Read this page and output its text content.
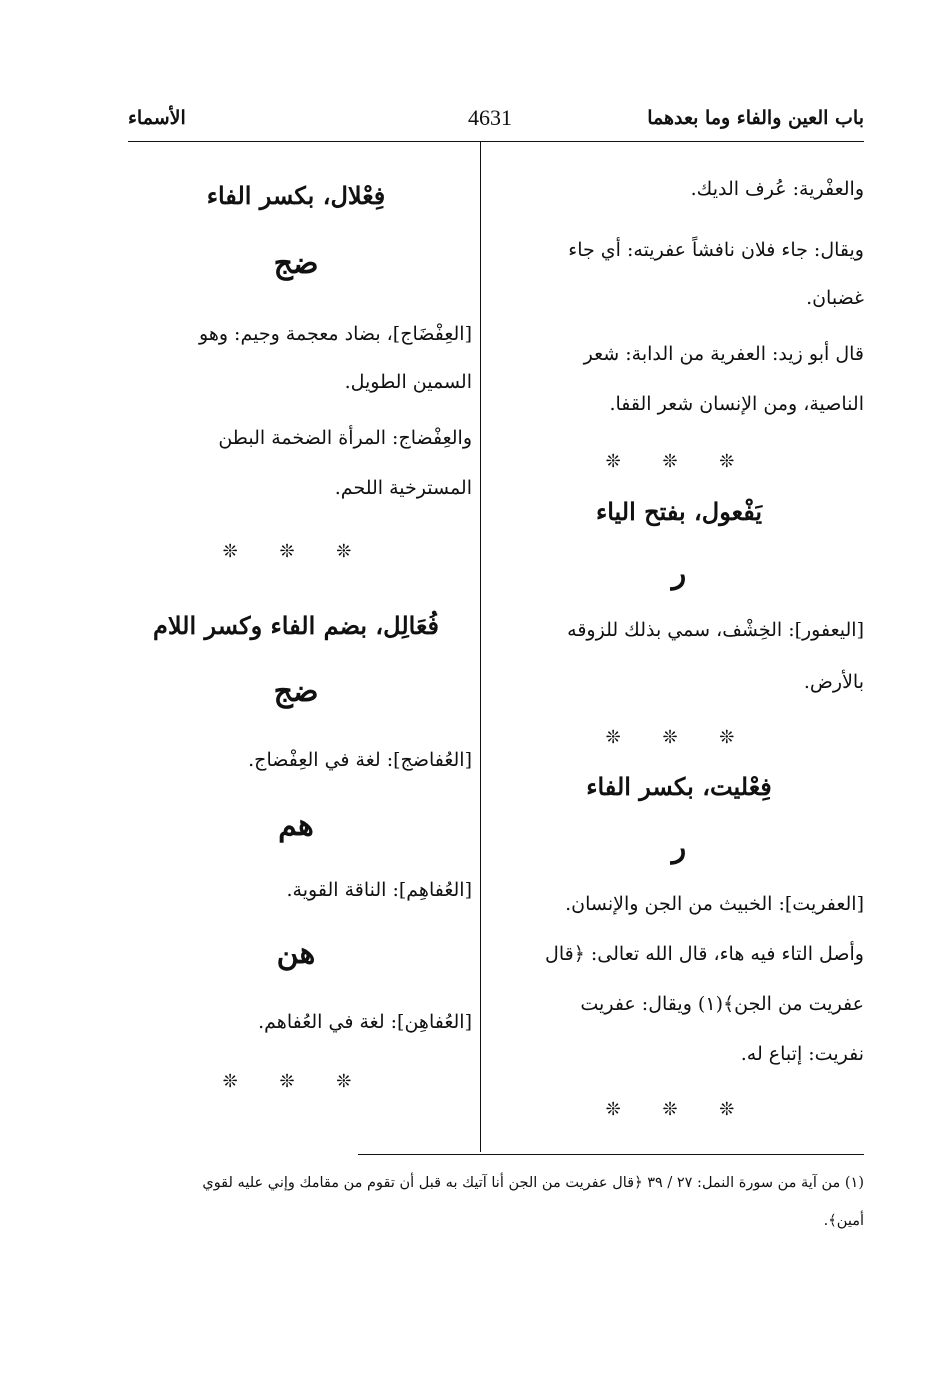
باب العين والفاء وما بعدهما
4631
الأسماء
والعفْرية: عُرف الديك.
ويقال: جاء فلان نافشاً عفريته: أي جاء
غضبان.
قال أبو زيد: العفرية من الدابة: شعر
الناصية، ومن الإنسان شعر القفا.
❊ ❊ ❊
يَفْعول، بفتح الياء
ر
[اليعفور]: الخِشْف، سمي بذلك للزوقه
بالأرض.
❊ ❊ ❊
فِعْليت، بكسر الفاء
ر
[العفريت]: الخبيث من الجن والإنسان.
وأصل التاء فيه هاء، قال الله تعالى: ﴿قال
عفريت من الجن﴾(١) ويقال: عفريت
نفريت: إتباع له.
❊ ❊ ❊
فِعْلال، بكسر الفاء
ضج
[العِفْضَاج]، بضاد معجمة وجيم: وهو
السمين الطويل.
والعِفْضاج: المرأة الضخمة البطن
المسترخية اللحم.
❊ ❊ ❊
فُعَالِل، بضم الفاء وكسر اللام
ضج
[العُفاضج]: لغة في العِفْضاج.
هم
[العُفاهِم]: الناقة القوية.
هن
[العُفاهِن]: لغة في العُفاهم.
❊ ❊ ❊
(١) من آية من سورة النمل: ٢٧ / ٣٩ ﴿قال عفريت من الجن أنا آتيك به قبل أن تقوم من مقامك وإني عليه لقوي
أمين﴾.
